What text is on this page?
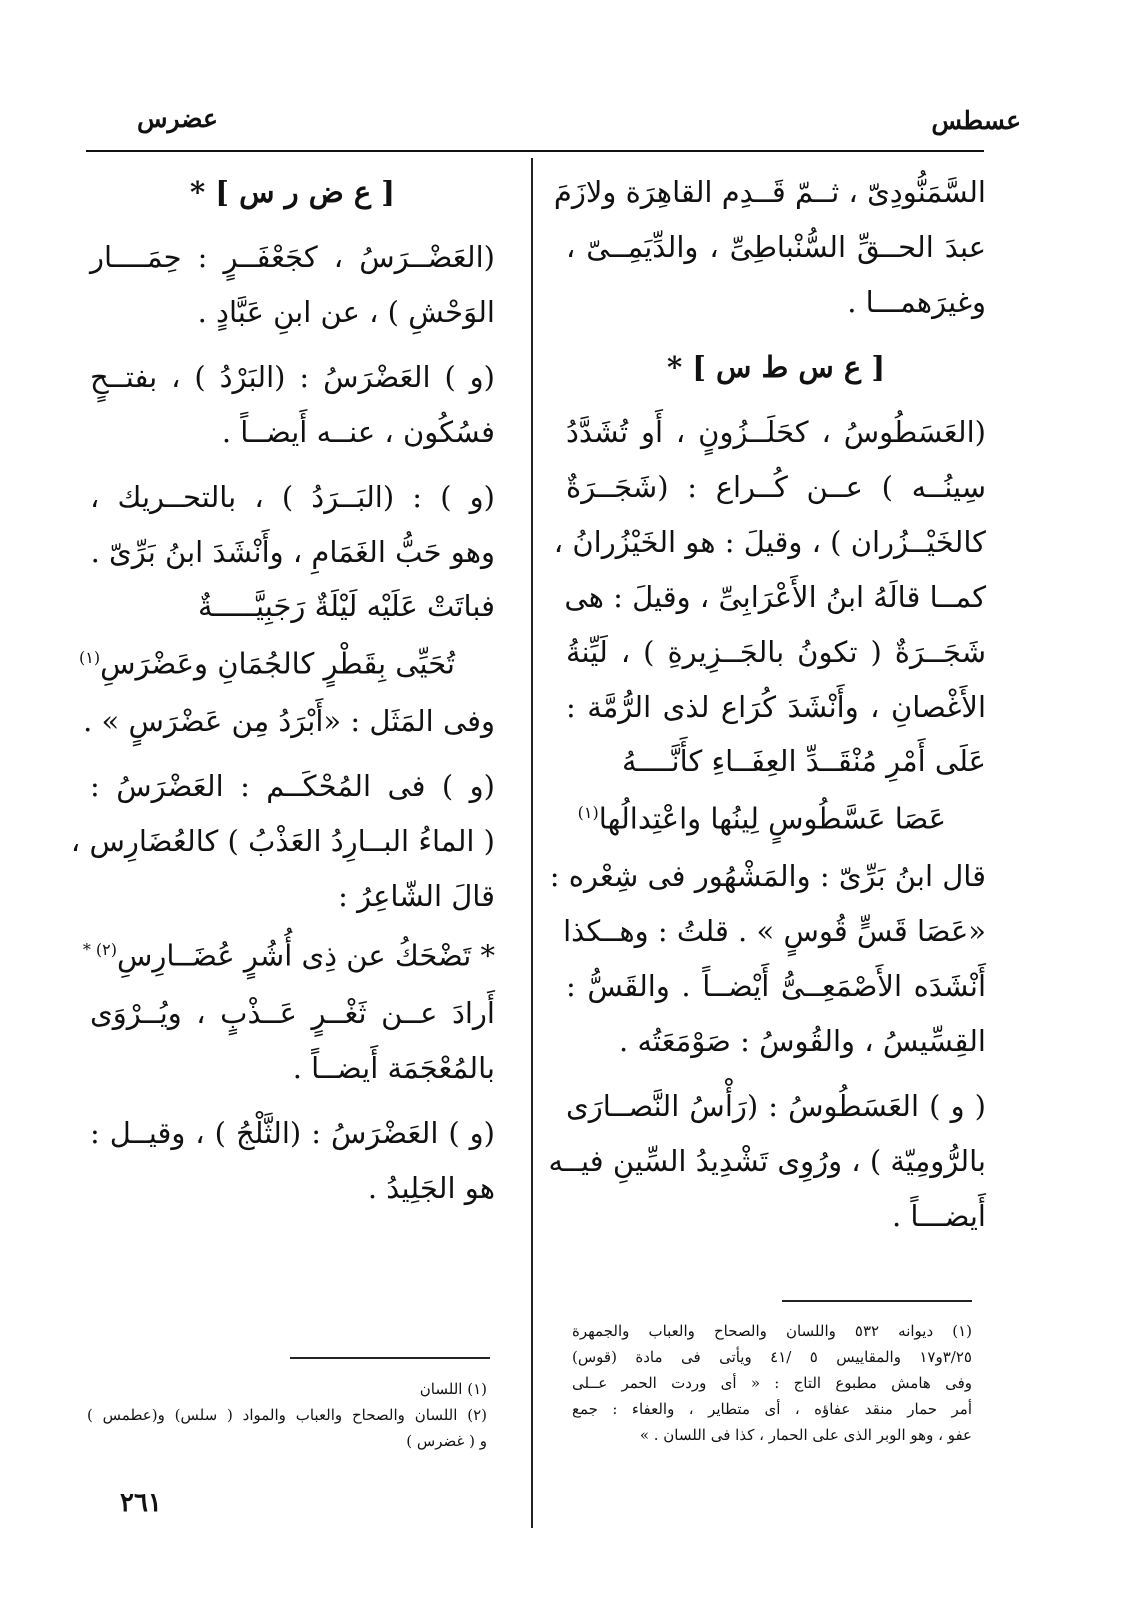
عسطس
عضرس
السَّمَنُّودِىّ ، ثــمّ قَــدِم القاهِرَة ولازَمَ
عبدَ الحــقِّ السُّنْباطِىِّ ، والدِّيَمِــىّ ،
وغيرَهمـــا .
[ ع س ط س ] *
(العَسَطُوسُ ، كحَلَــزُونٍ ، أَو تُشَدَّدُ
سِينُــه ) عــن كُــراع : (شَجَــرَةٌ
كالخَيْــزُران ) ، وقيلَ : هو الخَيْزُرانُ ،
كمــا قالَهُ ابنُ الأَعْرَابِىِّ ، وقيلَ : هى
شَجَــرَةٌ ( تكونُ بالجَــزِيرةِ ) ، لَيِّنةُ
الأَغْصانِ ، وأَنْشَدَ كُرَاع لذى الرُّمَّة :
عَلَى أَمْرِ مُنْقَــدِّ العِفَــاءِ كأَنَّــــهُ
عَصَا عَسَّطُوسٍ لِينُها واعْتِدالُها$^{(١)}$
قال ابنُ بَرِّىّ : والمَشْهُور فى شِعْره :
«عَصَا قَسٍّ قُوسٍ » . قلتُ : وهــكذا
أَنْشَدَه الأَصْمَعِــىُّ أَيْضــاً . والقَسُّ :
القِسِّيسُ ، والقُوسُ : صَوْمَعَتُه .
( و ) العَسَطُوسُ : (رَأْسُ النَّصــارَى
بالرُّومِيّة ) ، ورُوِى تَشْدِيدُ السِّينِ فيــه
أَيضـــاً .
[ ع ض ر س ] *
(العَضْــرَسُ ، كجَعْفَــرٍ : حِمَــــار
الوَحْشِ ) ، عن ابنِ عَبَّادٍ .
(و ) العَضْرَسُ : (البَرْدُ ) ، بفتــحٍ
فسُكُون ، عنــه أَيضــاً .
(و ) : (البَــرَدُ ) ، بالتحــريك ،
وهو حَبُّ الغَمَامِ ، وأَنْشَدَ ابنُ بَرِّىّ .
فباتَتْ عَلَيْه لَيْلَةٌ رَجَبِيَّـــــةٌ
تُحَيِّى بِقَطْرٍ كالجُمَانِ وعَضْرَسِ$^{(١)}$
وفى المَثَل : «أَبْرَدُ مِن عَضْرَسٍ » .
(و ) فى المُحْكَــم : العَضْرَسُ :
( الماءُ البــارِدُ العَذْبُ ) كالعُضَارِس ،
قالَ الشّاعِرُ :
* تَضْحَكُ عن ذِى أُشُرٍ عُضَــارِسِ$^{(٢) *}$
أَرادَ عــن ثَغْــرٍ عَــذْبٍ ، ويُــرْوَى
بالمُعْجَمَة أَيضــاً .
(و ) العَضْرَسُ : (الثَّلْجُ ) ، وقيــل :
هو الجَلِيدُ .
(١) ديوانه ٥٣٢ واللسان والصحاح والعباب والجمهرة
٣/٢٥و١٧ والمقاييس ٥ /٤١ ويأتى فى مادة (قوس)
وفى هامش مطبوع التاج : « أى وردت الحمر عــلى
أمر حمار منقد عفاؤه ، أى متطاير ، والعفاء : جمع
عفو ، وهو الوبر الذى على الحمار ، كذا فى اللسان . »
(١) اللسان
(٢) اللسان والصحاح والعباب والمواد ( سلس) و(عطمس )
و ( غضرس )
٢٦١
